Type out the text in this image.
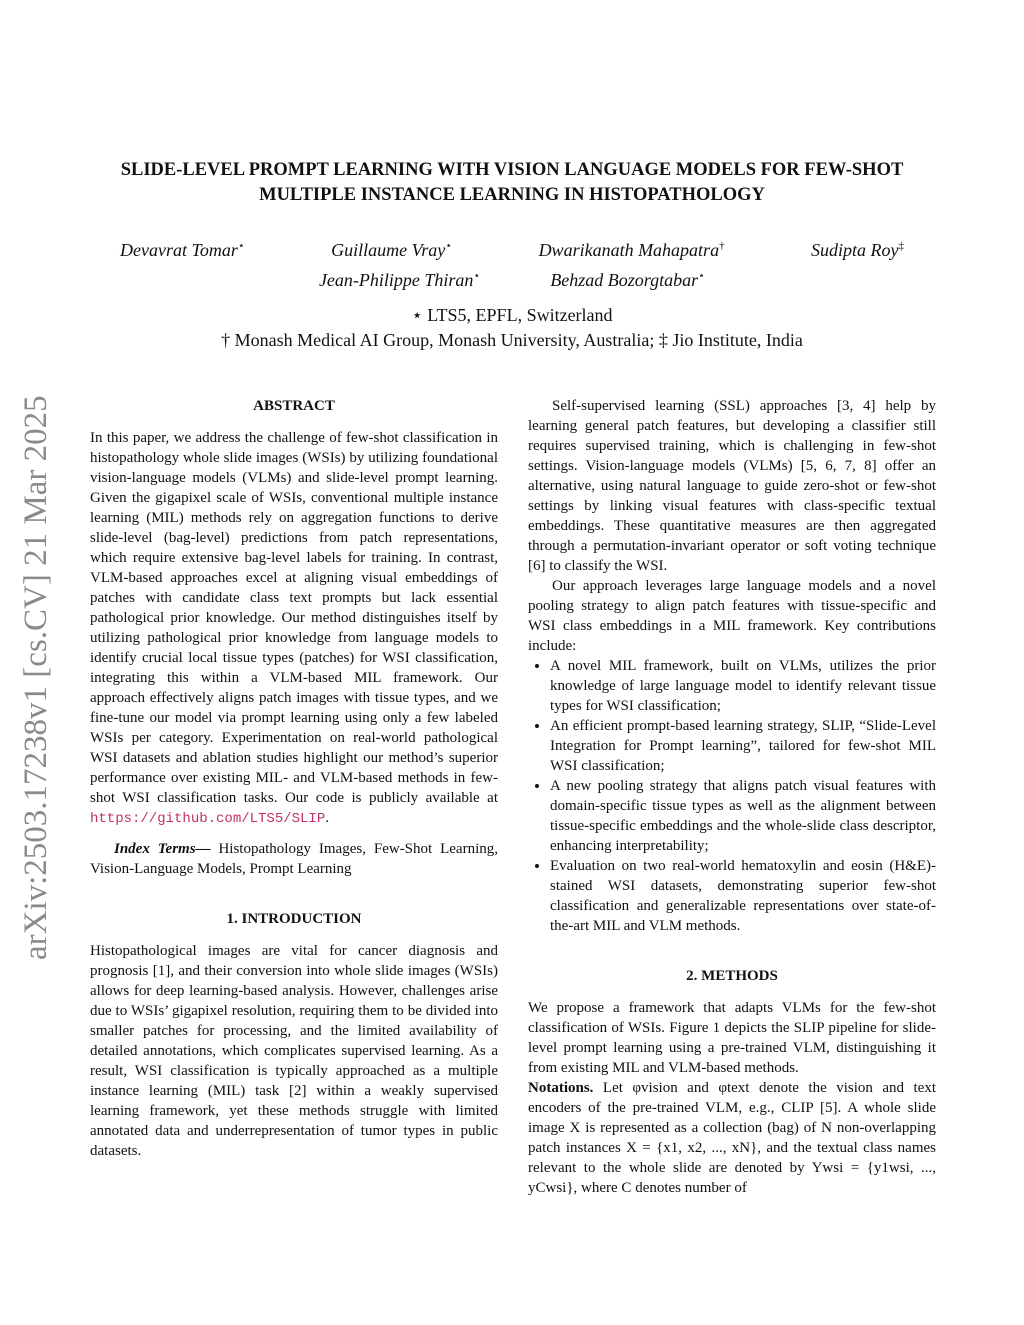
arXiv:2503.17238v1 [cs.CV] 21 Mar 2025
SLIDE-LEVEL PROMPT LEARNING WITH VISION LANGUAGE MODELS FOR FEW-SHOT
MULTIPLE INSTANCE LEARNING IN HISTOPATHOLOGY
Devavrat Tomar⋆	Guillaume Vray⋆	Dwarikanath Mahapatra†	Sudipta Roy‡
Jean-Philippe Thiran⋆	Behzad Bozorgtabar⋆
⋆ LTS5, EPFL, Switzerland
† Monash Medical AI Group, Monash University, Australia; ‡ Jio Institute, India
ABSTRACT

In this paper, we address the challenge of few-shot classification in histopathology whole slide images (WSIs) by utilizing foundational vision-language models (VLMs) and slide-level prompt learning. Given the gigapixel scale of WSIs, conventional multiple instance learning (MIL) methods rely on aggregation functions to derive slide-level (bag-level) predictions from patch representations, which require extensive bag-level labels for training. In contrast, VLM-based approaches excel at aligning visual embeddings of patches with candidate class text prompts but lack essential pathological prior knowledge. Our method distinguishes itself by utilizing pathological prior knowledge from language models to identify crucial local tissue types (patches) for WSI classification, integrating this within a VLM-based MIL framework. Our approach effectively aligns patch images with tissue types, and we fine-tune our model via prompt learning using only a few labeled WSIs per category. Experimentation on real-world pathological WSI datasets and ablation studies highlight our method’s superior performance over existing MIL- and VLM-based methods in few-shot WSI classification tasks. Our code is publicly available at https://github.com/LTS5/SLIP.

Index Terms— Histopathology Images, Few-Shot Learning, Vision-Language Models, Prompt Learning

1. INTRODUCTION

Histopathological images are vital for cancer diagnosis and prognosis [1], and their conversion into whole slide images (WSIs) allows for deep learning-based analysis. However, challenges arise due to WSIs’ gigapixel resolution, requiring them to be divided into smaller patches for processing, and the limited availability of detailed annotations, which complicates supervised learning. As a result, WSI classification is typically approached as a multiple instance learning (MIL) task [2] within a weakly supervised learning framework, yet these methods struggle with limited annotated data and underrepresentation of tumor types in public datasets.

Self-supervised learning (SSL) approaches [3, 4] help by learning general patch features, but developing a classifier still requires supervised training, which is challenging in few-shot settings. Vision-language models (VLMs) [5, 6, 7, 8] offer an alternative, using natural language to guide zero-shot or few-shot settings by linking visual features with class-specific textual embeddings. These quantitative measures are then aggregated through a permutation-invariant operator or soft voting technique [6] to classify the WSI.

Our approach leverages large language models and a novel pooling strategy to align patch features with tissue-specific and WSI class embeddings in a MIL framework. Key contributions include:

• A novel MIL framework, built on VLMs, utilizes the prior knowledge of large language model to identify relevant tissue types for WSI classification;
• An efficient prompt-based learning strategy, SLIP, “Slide-Level Integration for Prompt learning”, tailored for few-shot MIL WSI classification;
• A new pooling strategy that aligns patch visual features with domain-specific tissue types as well as the alignment between tissue-specific embeddings and the whole-slide class descriptor, enhancing interpretability;
• Evaluation on two real-world hematoxylin and eosin (H&E)-stained WSI datasets, demonstrating superior few-shot classification and generalizable representations over state-of-the-art MIL and VLM methods.
2. METHODS

We propose a framework that adapts VLMs for the few-shot classification of WSIs. Figure 1 depicts the SLIP pipeline for slide-level prompt learning using a pre-trained VLM, distinguishing it from existing MIL and VLM-based methods.

Notations. Let φvision and φtext denote the vision and text encoders of the pre-trained VLM, e.g., CLIP [5]. A whole slide image X is represented as a collection (bag) of N non-overlapping patch instances X = {x1, x2, ..., xN}, and the textual class names relevant to the whole slide are denoted by Ywsi = {y1wsi, ..., yCwsi}, where C denotes number of
